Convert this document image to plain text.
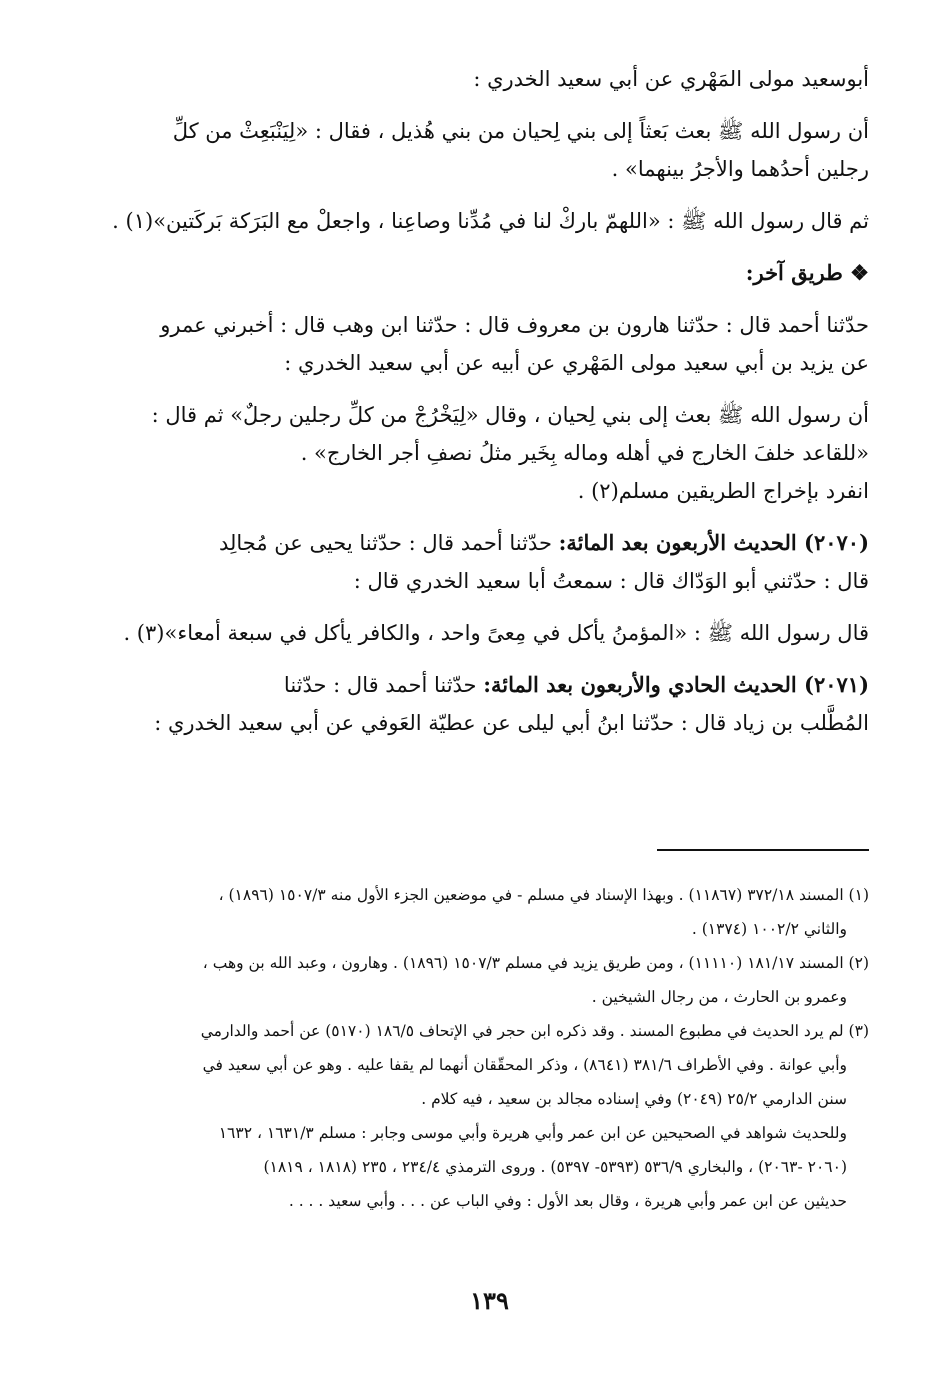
أبوسعيد مولى المَهْري عن أبي سعيد الخدري :
أن رسول الله ﷺ بعث بَعثاً إلى بني لِحيان من بني هُذيل ، فقال : «لِيَنْبَعِثْ من كلِّ
رجلين أحدُهما والأجرُ بينهما» .
ثم قال رسول الله ﷺ : «اللهمّ باركْ لنا في مُدِّنا وصاعِنا ، واجعلْ مع البَرَكة بَركَتين»(١) .
❖ طريق آخر:
حدّثنا أحمد قال : حدّثنا هارون بن معروف قال : حدّثنا ابن وهب قال : أخبرني عمرو
عن يزيد بن أبي سعيد مولى المَهْري عن أبيه عن أبي سعيد الخدري :
أن رسول الله ﷺ بعث إلى بني لِحيان ، وقال «لِيَخْرُجْ من كلِّ رجلين رجلٌ» ثم قال :
«للقاعد خلفَ الخارج في أهله وماله بِخَير مثلُ نصفِ أجر الخارج» .
انفرد بإخراج الطريقين مسلم(٢) .
(٢٠٧٠) الحديث الأربعون بعد المائة: حدّثنا أحمد قال : حدّثنا يحيى عن مُجالِد
قال : حدّثني أبو الوَدّاك قال : سمعتُ أبا سعيد الخدري قال :
قال رسول الله ﷺ : «المؤمنُ يأكل في مِعىً واحد ، والكافر يأكل في سبعة أمعاء»(٣) .
(٢٠٧١) الحديث الحادي والأربعون بعد المائة: حدّثنا أحمد قال : حدّثنا
المُطَّلب بن زياد قال : حدّثنا ابنُ أبي ليلى عن عطيّة العَوفي عن أبي سعيد الخدري :
(١) المسند ٣٧٢/١٨ (١١٨٦٧) . وبهذا الإسناد في مسلم - في موضعين الجزء الأول منه ١٥٠٧/٣ (١٨٩٦) ،
والثاني ١٠٠٢/٢ (١٣٧٤) .
(٢) المسند ١٨١/١٧ (١١١١٠) ، ومن طريق يزيد في مسلم ١٥٠٧/٣ (١٨٩٦) . وهارون ، وعبد الله بن وهب ،
وعمرو بن الحارث ، من رجال الشيخين .
(٣) لم يرد الحديث في مطبوع المسند . وقد ذكره ابن حجر في الإتحاف ١٨٦/٥ (٥١٧٠) عن أحمد والدارمي
وأبي عوانة . وفي الأطراف ٣٨١/٦ (٨٦٤١) ، وذكر المحقّقان أنهما لم يقفا عليه . وهو عن أبي سعيد في
سنن الدارمي ٢٥/٢ (٢٠٤٩) وفي إسناده مجالد بن سعيد ، فيه كلام .
وللحديث شواهد في الصحيحين عن ابن عمر وأبي هريرة وأبي موسى وجابر : مسلم ١٦٣١/٣ ، ١٦٣٢
(٢٠٦٠ -٢٠٦٣) ، والبخاري ٥٣٦/٩ (٥٣٩٣- ٥٣٩٧) . وروى الترمذي ٢٣٤/٤ ، ٢٣٥ (١٨١٨ ، ١٨١٩)
حديثين عن ابن عمر وأبي هريرة ، وقال بعد الأول : وفي الباب عن . . . وأبي سعيد . . . .
١٣٩
